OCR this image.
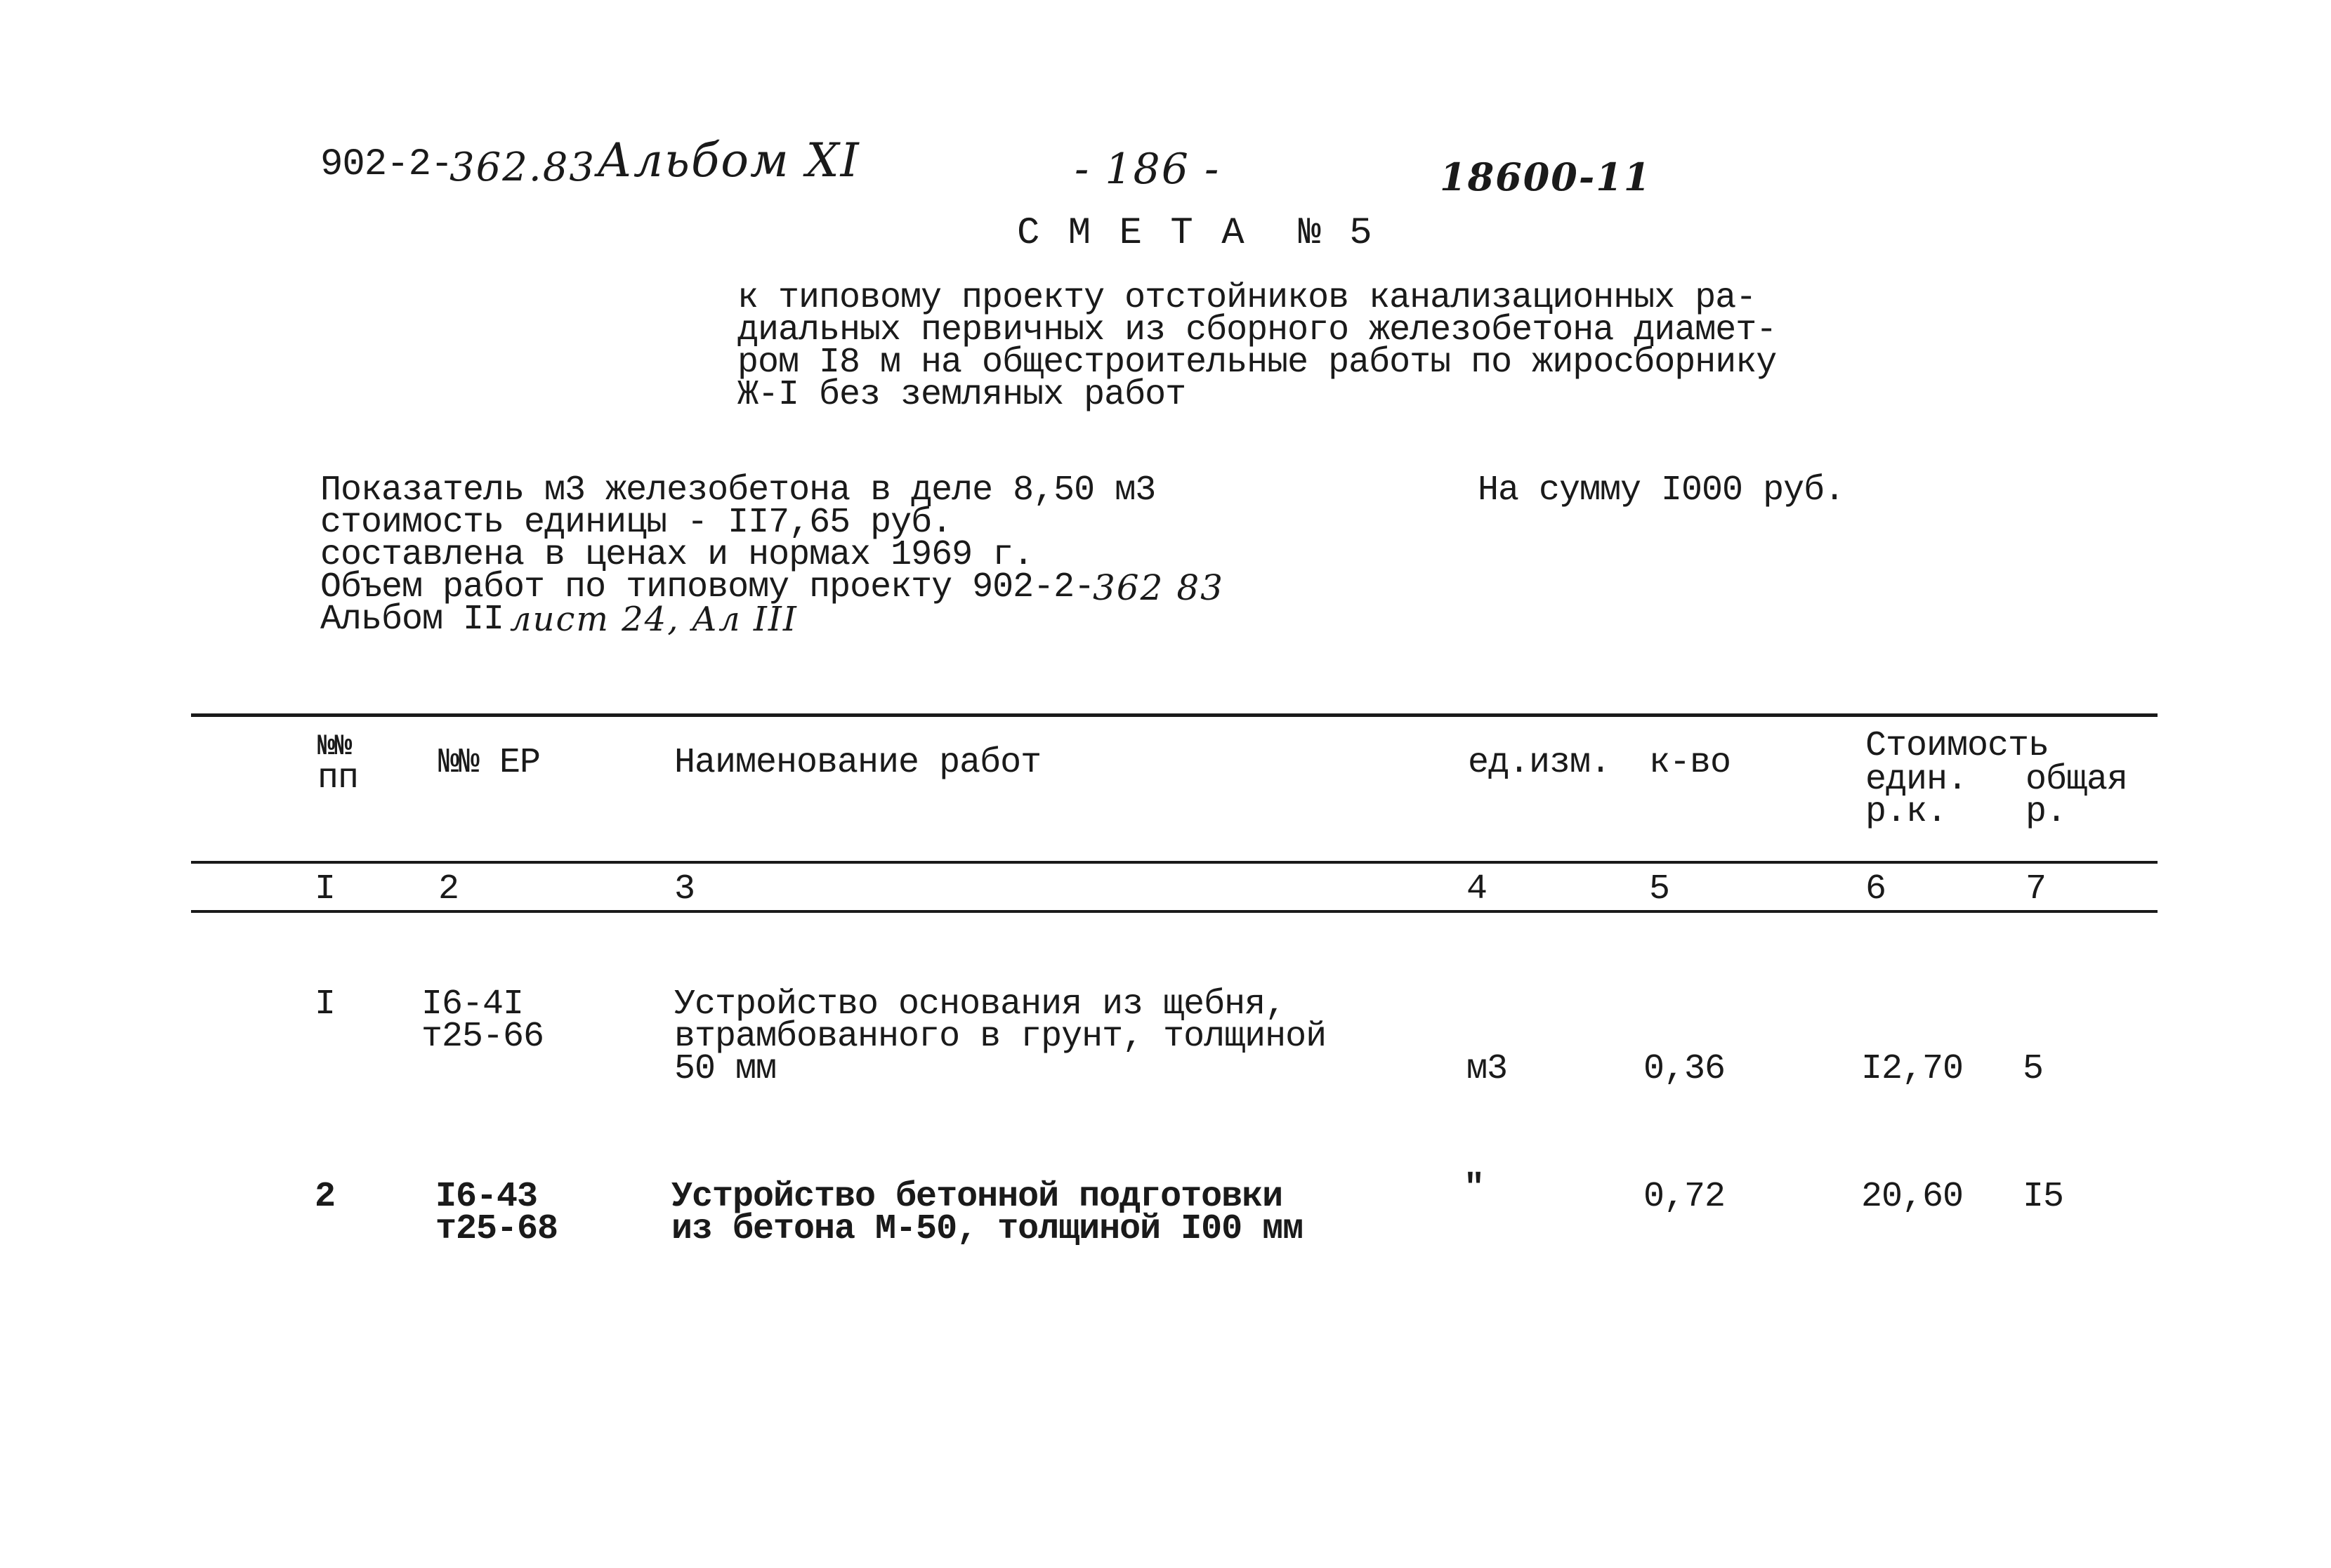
902-2-
362.83 Альбом XI	- 186 -	18600-11
С М Е Т А  № 5
к типовому проекту отстойников канализационных ра-
диальных первичных из сборного железобетона диамет-
ром I8 м на общестроительные работы по жиросборнику
Ж-I без земляных работ
Показатель м3 железобетона в деле 8,50 м3
стоимость единицы - II7,65 руб.
составлена в ценах и нормах 1969 г.
Объем работ по типовому проекту 902-2-
362 83
Альбом II лист 24, Ал III
На сумму I000 руб.
№№
пп №№ ЕР	Наименование работ	ед.изм. к-во	Стоимость
един.
р.к.
общая
р.
I	2	3	4	5	6	7
I I6-4I
т25-66
Устройство основания из щебня,
втрамбованного в грунт, толщиной
50 мм	м3	0,36	I2,70 5
2	I6-43
т25-68
Устройство бетонной подготовки
из бетона М-50, толщиной I00 мм
"	0,72	20,60 I5
